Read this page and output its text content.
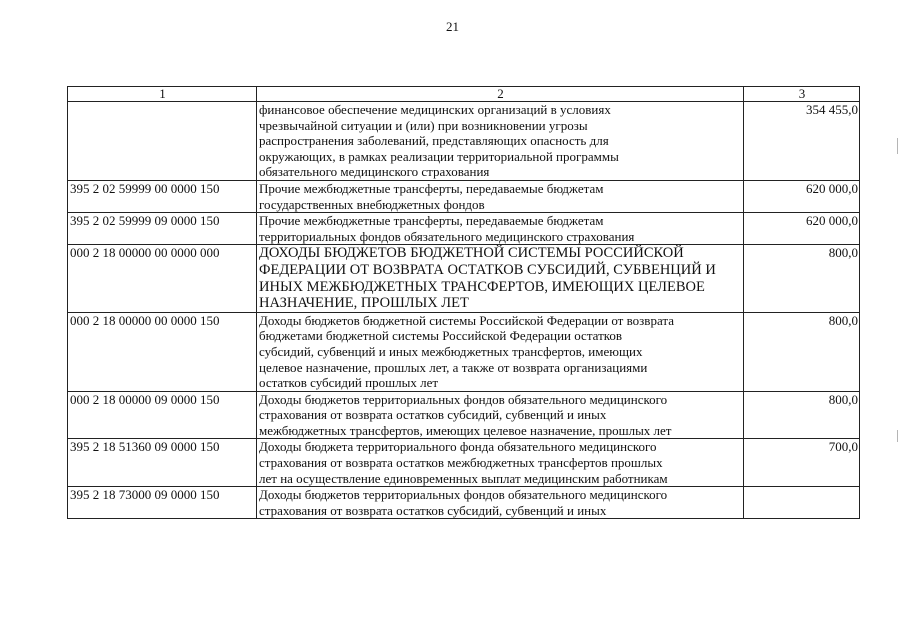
21
1	2	3

	финансовое обеспечение медицинских организаций в условиях
чрезвычайной ситуации и (или) при возникновении угрозы
распространения заболеваний, представляющих опасность для
окружающих, в рамках реализации территориальной программы
обязательного медицинского страхования	354 455,0
395 2 02 59999 00 0000 150	Прочие межбюджетные трансферты, передаваемые бюджетам
государственных внебюджетных фондов	620 000,0
395 2 02 59999 09 0000 150	Прочие межбюджетные трансферты, передаваемые бюджетам
территориальных фондов обязательного медицинского страхования	620 000,0
000 2 18 00000 00 0000 000	ДОХОДЫ БЮДЖЕТОВ БЮДЖЕТНОЙ СИСТЕМЫ РОССИЙСКОЙ
ФЕДЕРАЦИИ ОТ ВОЗВРАТА ОСТАТКОВ СУБСИДИЙ, СУБВЕНЦИЙ И
ИНЫХ МЕЖБЮДЖЕТНЫХ ТРАНСФЕРТОВ, ИМЕЮЩИХ ЦЕЛЕВОЕ
НАЗНАЧЕНИЕ, ПРОШЛЫХ ЛЕТ	800,0
000 2 18 00000 00 0000 150	Доходы бюджетов бюджетной системы Российской Федерации от возврата
бюджетами бюджетной системы Российской Федерации остатков
субсидий, субвенций и иных межбюджетных трансфертов, имеющих
целевое назначение, прошлых лет, а также от возврата организациями
остатков субсидий прошлых лет	800,0
000 2 18 00000 09 0000 150	Доходы бюджетов территориальных фондов обязательного медицинского
страхования от возврата остатков субсидий, субвенций и иных
межбюджетных трансфертов, имеющих целевое назначение, прошлых лет	800,0
395 2 18 51360 09 0000 150	Доходы бюджета территориального фонда обязательного медицинского
страхования от возврата остатков межбюджетных трансфертов прошлых
лет на осуществление единовременных выплат медицинским работникам	700,0
395 2 18 73000 09 0000 150	Доходы бюджетов территориальных фондов обязательного медицинского
страхования от возврата остатков субсидий, субвенций и иных	
